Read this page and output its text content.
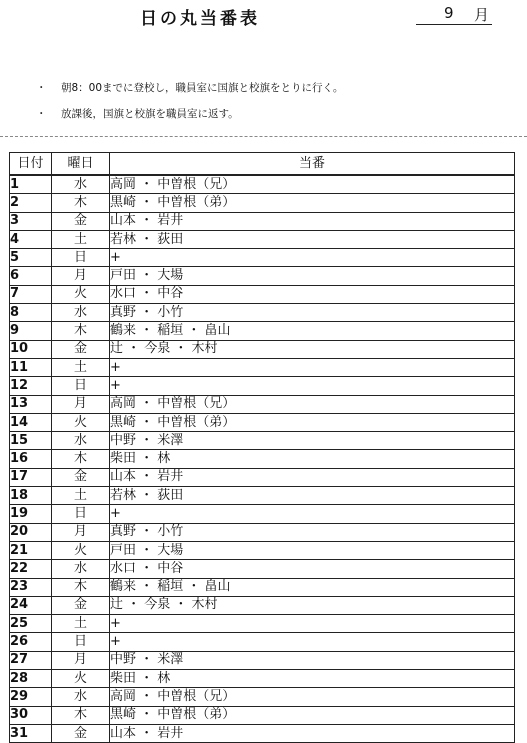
日の丸当番表	9 月
・ 朝8：00までに登校し，職員室に国旗と校旗をとりに行く。
・ 放課後，国旗と校旗を職員室に返す。
日付	曜日	当番
1	水	高岡 ・ 中曽根（兄）
2	木	黒崎 ・ 中曽根（弟）
3	金	山本 ・ 岩井
4	土	若林 ・ 荻田
5	日	+
6	月	戸田 ・ 大場
7	火	水口 ・ 中谷
8	水	真野 ・ 小竹
9	木	鶴来 ・ 稲垣 ・ 畠山
10	金	辻 ・ 今泉 ・ 木村
11	土	+
12	日	+
13	月	高岡 ・ 中曽根（兄）
14	火	黒崎 ・ 中曽根（弟）
15	水	中野 ・ 米澤
16	木	柴田 ・ 林
17	金	山本 ・ 岩井
18	土	若林 ・ 荻田
19	日	+
20	月	真野 ・ 小竹
21	火	戸田 ・ 大場
22	水	水口 ・ 中谷
23	木	鶴来 ・ 稲垣 ・ 畠山
24	金	辻 ・ 今泉 ・ 木村
25	土	+
26	日	+
27	月	中野 ・ 米澤
28	火	柴田 ・ 林
29	水	高岡 ・ 中曽根（兄）
30	木	黒崎 ・ 中曽根（弟）
31	金	山本 ・ 岩井
